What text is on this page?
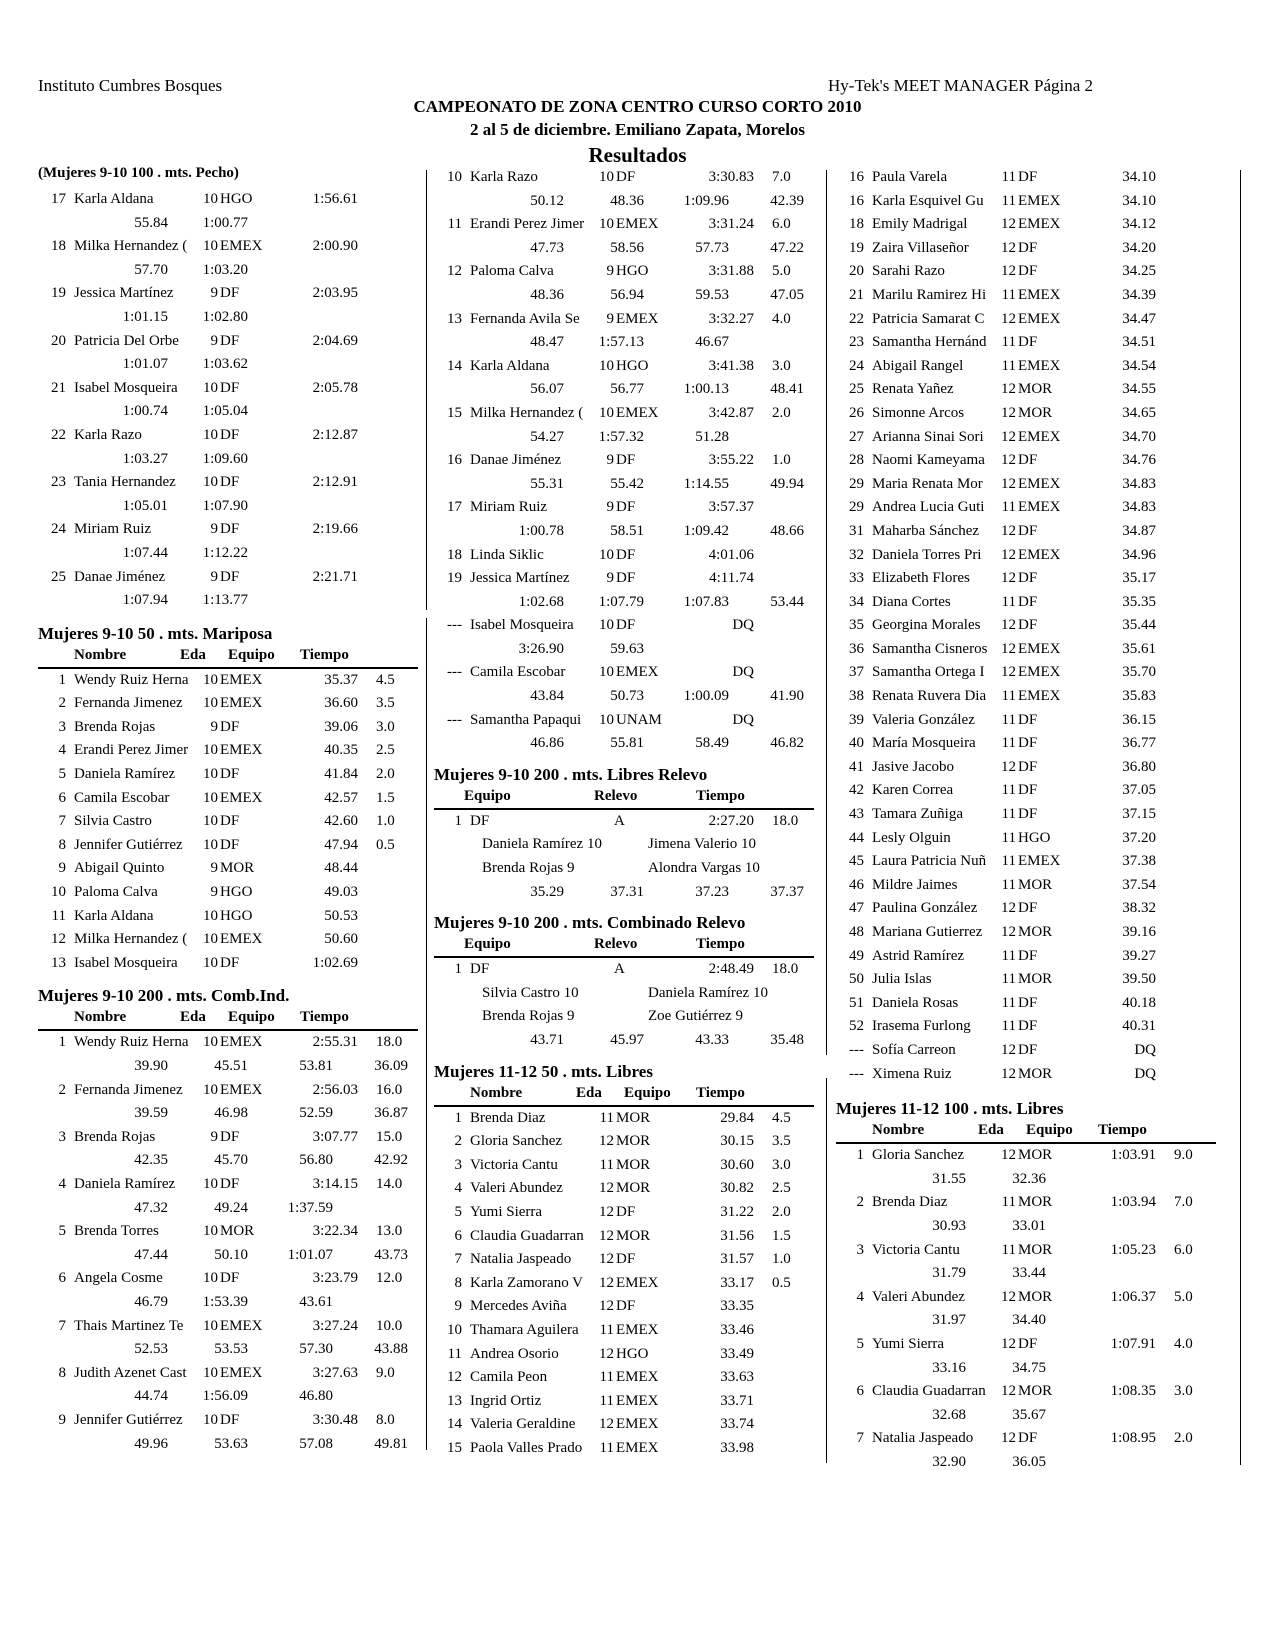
Instituto Cumbres Bosques	Hy-Tek's MEET MANAGER Página 2
CAMPEONATO DE ZONA CENTRO CURSO CORTO 2010
2 al 5 de diciembre. Emiliano Zapata, Morelos
Resultados
(Mujeres 9-10 100 . mts. Pecho)
17 Karla Aldana	10 HGO	1:56.61
55.84	1:00.77
18 Milka Hernandez (	10 EMEX	2:00.90
57.70	1:03.20
19 Jessica Martínez	9 DF	2:03.95
1:01.15	1:02.80
20 Patricia Del Orbe	9 DF	2:04.69
1:01.07	1:03.62
21 Isabel Mosqueira	10 DF	2:05.78
1:00.74	1:05.04
22 Karla Razo	10 DF	2:12.87
1:03.27	1:09.60
23 Tania Hernandez	10 DF	2:12.91
1:05.01	1:07.90
24 Miriam Ruiz	9 DF	2:19.66
1:07.44	1:12.22
25 Danae Jiménez	9 DF	2:21.71
1:07.94	1:13.77
Mujeres 9-10 50 . mts. Mariposa
Nombre	Eda Equipo Tiempo
1 Wendy Ruiz Herna 10 EMEX	35.37 4.5
2 Fernanda Jimenez	10 EMEX	36.60 3.5
3 Brenda Rojas	9 DF	39.06 3.0
4 Erandi Perez Jimer 10 EMEX	40.35 2.5
5 Daniela Ramírez	10 DF	41.84 2.0
6 Camila Escobar	10 EMEX	42.57 1.5
7 Silvia Castro	10 DF	42.60 1.0
8 Jennifer Gutiérrez	10 DF	47.94 0.5
9 Abigail Quinto	9 MOR	48.44
10 Paloma Calva	9 HGO	49.03
11 Karla Aldana	10 HGO	50.53
12 Milka Hernandez (	10 EMEX	50.60
13 Isabel Mosqueira	10 DF	1:02.69
Mujeres 9-10 200 . mts. Comb.Ind.
Nombre	Eda Equipo Tiempo
1 Wendy Ruiz Herna 10 EMEX	2:55.31 18.0
39.90	45.51	53.81	36.09
2 Fernanda Jimenez	10 EMEX	2:56.03 16.0
39.59	46.98	52.59	36.87
3 Brenda Rojas	9 DF	3:07.77 15.0
42.35	45.70	56.80	42.92
4 Daniela Ramírez	10 DF	3:14.15 14.0
47.32	49.24	1:37.59
5 Brenda Torres	10 MOR	3:22.34 13.0
47.44	50.10	1:01.07	43.73
6 Angela Cosme	10 DF	3:23.79 12.0
46.79	1:53.39	43.61
7 Thais Martinez Te	10 EMEX	3:27.24 10.0
52.53	53.53	57.30	43.88
8 Judith Azenet Cast	10 EMEX	3:27.63 9.0
44.74	1:56.09	46.80
9 Jennifer Gutiérrez	10 DF	3:30.48 8.0
49.96	53.63	57.08	49.81
10 Karla Razo	10 DF	3:30.83 7.0
50.12	48.36	1:09.96	42.39
11 Erandi Perez Jimer 10 EMEX	3:31.24 6.0
47.73	58.56	57.73	47.22
12 Paloma Calva	9 HGO	3:31.88 5.0
48.36	56.94	59.53	47.05
13 Fernanda Avila Se	9 EMEX	3:32.27 4.0
48.47	1:57.13	46.67
14 Karla Aldana	10 HGO	3:41.38 3.0
56.07	56.77	1:00.13	48.41
15 Milka Hernandez (	10 EMEX	3:42.87 2.0
54.27	1:57.32	51.28
16 Danae Jiménez	9 DF	3:55.22 1.0
55.31	55.42	1:14.55	49.94
17 Miriam Ruiz	9 DF	3:57.37
1:00.78	58.51	1:09.42	48.66
18 Linda Siklic	10 DF	4:01.06
19 Jessica Martínez	9 DF	4:11.74
1:02.68	1:07.79	1:07.83	53.44
--- Isabel Mosqueira	10 DF	DQ
3:26.90	59.63
--- Camila Escobar	10 EMEX	DQ
43.84	50.73	1:00.09	41.90
--- Samantha Papaqui	10 UNAM	DQ
46.86	55.81	58.49	46.82
Mujeres 9-10 200 . mts. Libres Relevo
Equipo	Relevo	Tiempo
1 DF	A	2:27.20 18.0
Daniela Ramírez 10	Jimena Valerio 10
Brenda Rojas 9	Alondra Vargas 10
35.29	37.31	37.23	37.37
Mujeres 9-10 200 . mts. Combinado Relevo
Equipo	Relevo	Tiempo
1 DF	A	2:48.49 18.0
Silvia Castro 10	Daniela Ramírez 10
Brenda Rojas 9	Zoe Gutiérrez 9
43.71	45.97	43.33	35.48
Mujeres 11-12 50 . mts. Libres
Nombre	Eda Equipo Tiempo
1 Brenda Diaz	11 MOR	29.84 4.5
2 Gloria Sanchez	12 MOR	30.15 3.5
3 Victoria Cantu	11 MOR	30.60 3.0
4 Valeri Abundez	12 MOR	30.82 2.5
5 Yumi Sierra	12 DF	31.22 2.0
6 Claudia Guadarran	12 MOR	31.56 1.5
7 Natalia Jaspeado	12 DF	31.57 1.0
8 Karla Zamorano V	12 EMEX	33.17 0.5
9 Mercedes Aviña	12 DF	33.35
10 Thamara Aguilera	11 EMEX	33.46
11 Andrea Osorio	12 HGO	33.49
12 Camila Peon	11 EMEX	33.63
13 Ingrid Ortiz	11 EMEX	33.71
14 Valeria Geraldine	12 EMEX	33.74
15 Paola Valles Prado	11 EMEX	33.98
16 Paula Varela	11 DF	34.10
16 Karla Esquivel Gu	11 EMEX	34.10
18 Emily Madrigal	12 EMEX	34.12
19 Zaira Villaseñor	12 DF	34.20
20 Sarahi Razo	12 DF	34.25
21 Marilu Ramirez Hi	11 EMEX	34.39
22 Patricia Samarat C	12 EMEX	34.47
23 Samantha Hernánd	11 DF	34.51
24 Abigail Rangel	11 EMEX	34.54
25 Renata Yañez	12 MOR	34.55
26 Simonne Arcos	12 MOR	34.65
27 Arianna Sinai Sori	12 EMEX	34.70
28 Naomi Kameyama	12 DF	34.76
29 Maria Renata Mor	12 EMEX	34.83
29 Andrea Lucia Guti	11 EMEX	34.83
31 Maharba Sánchez	12 DF	34.87
32 Daniela Torres Pri	12 EMEX	34.96
33 Elizabeth Flores	12 DF	35.17
34 Diana Cortes	11 DF	35.35
35 Georgina Morales	12 DF	35.44
36 Samantha Cisneros 12 EMEX	35.61
37 Samantha Ortega I	12 EMEX	35.70
38 Renata Ruvera Dia	11 EMEX	35.83
39 Valeria González	11 DF	36.15
40 María Mosqueira	11 DF	36.77
41 Jasive Jacobo	12 DF	36.80
42 Karen Correa	11 DF	37.05
43 Tamara Zuñiga	11 DF	37.15
44 Lesly Olguin	11 HGO	37.20
45 Laura Patricia Nuñ	11 EMEX	37.38
46 Mildre Jaimes	11 MOR	37.54
47 Paulina González	12 DF	38.32
48 Mariana Gutierrez	12 MOR	39.16
49 Astrid Ramírez	11 DF	39.27
50 Julia Islas	11 MOR	39.50
51 Daniela Rosas	11 DF	40.18
52 Irasema Furlong	11 DF	40.31
--- Sofía Carreon	12 DF	DQ
--- Ximena Ruiz	12 MOR	DQ
Mujeres 11-12 100 . mts. Libres
Nombre	Eda Equipo Tiempo
1 Gloria Sanchez	12 MOR	1:03.91 9.0
31.55	32.36
2 Brenda Diaz	11 MOR	1:03.94 7.0
30.93	33.01
3 Victoria Cantu	11 MOR	1:05.23 6.0
31.79	33.44
4 Valeri Abundez	12 MOR	1:06.37 5.0
31.97	34.40
5 Yumi Sierra	12 DF	1:07.91 4.0
33.16	34.75
6 Claudia Guadarran	12 MOR	1:08.35 3.0
32.68	35.67
7 Natalia Jaspeado	12 DF	1:08.95 2.0
32.90	36.05
